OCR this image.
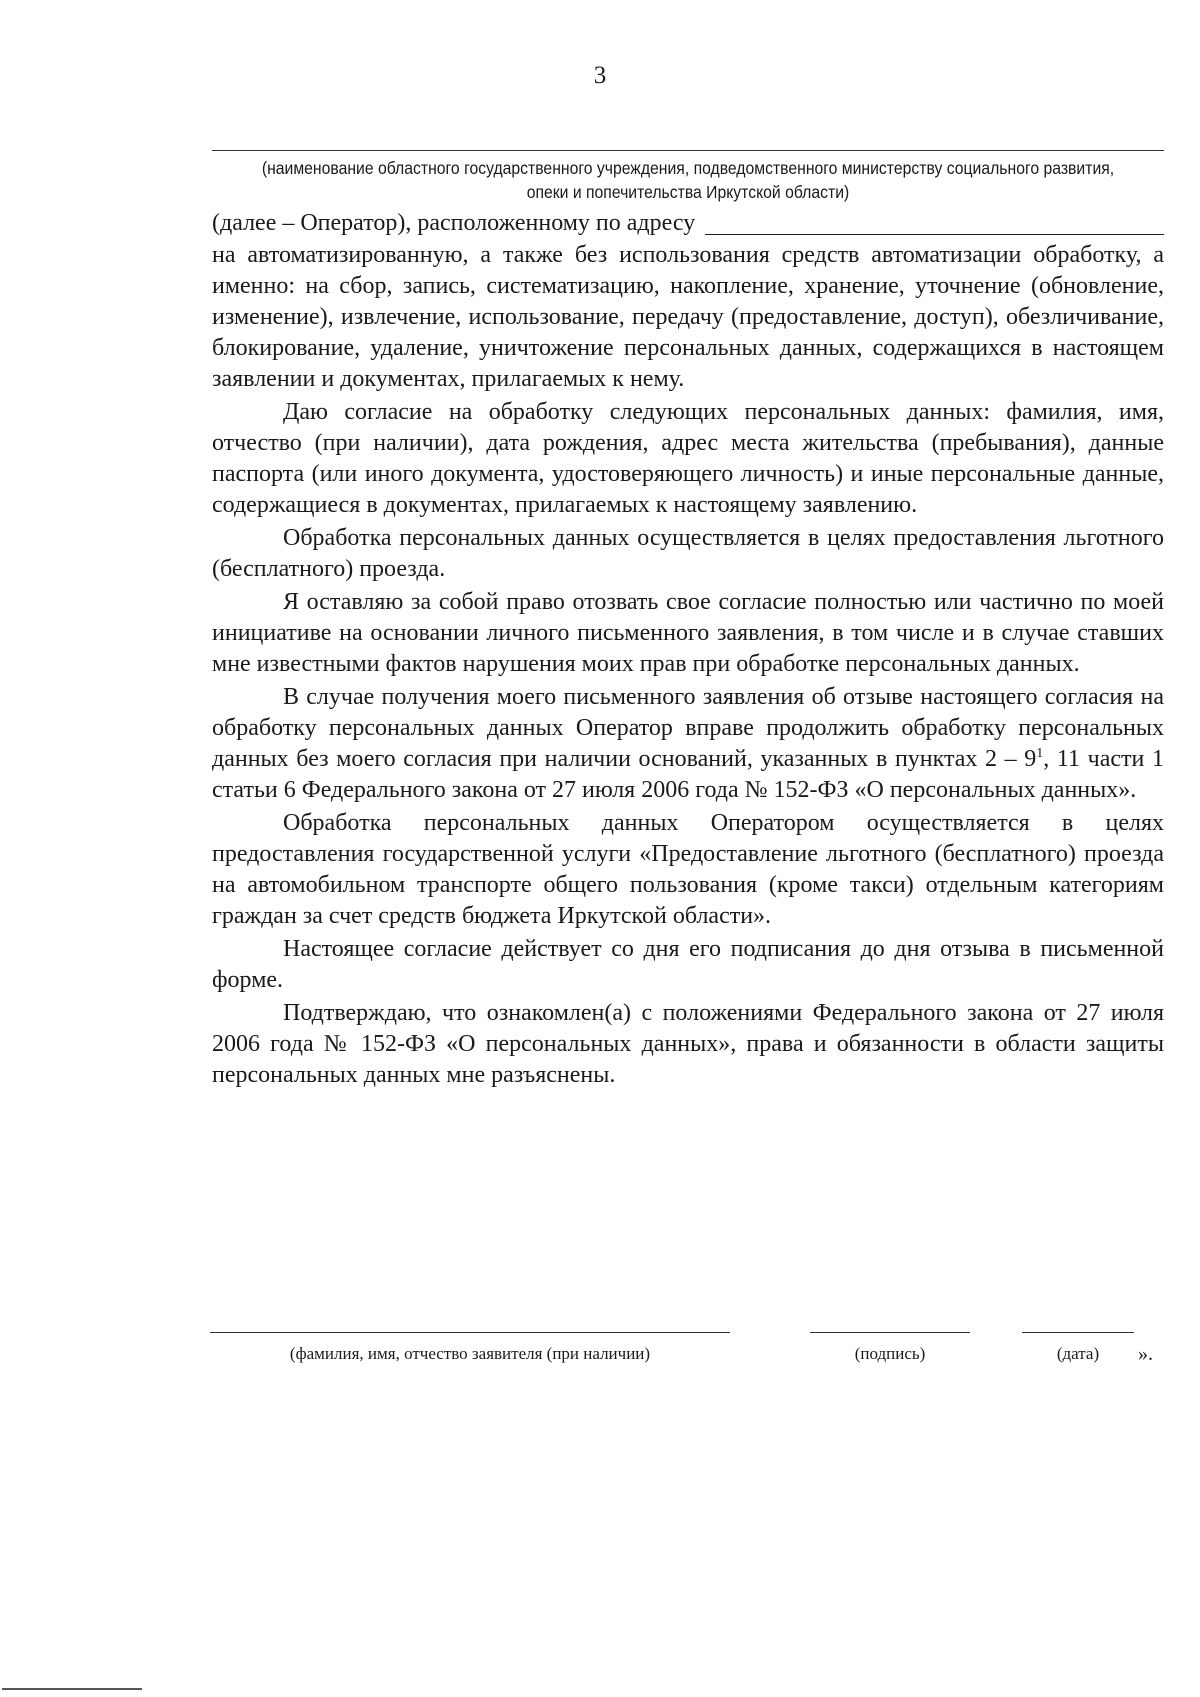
3
(наименование областного государственного учреждения, подведомственного министерству социального развития, опеки и попечительства Иркутской области)
(далее – Оператор), расположенному по адресу

на автоматизированную, а также без использования средств автоматизации обработку, а именно: на сбор, запись, систематизацию, накопление, хранение, уточнение (обновление, изменение), извлечение, использование, передачу (предоставление, доступ), обезличивание, блокирование, удаление, уничтожение персональных данных, содержащихся в настоящем заявлении и документах, прилагаемых к нему.

Даю согласие на обработку следующих персональных данных: фамилия, имя, отчество (при наличии), дата рождения, адрес места жительства (пребывания), данные паспорта (или иного документа, удостоверяющего личность) и иные персональные данные, содержащиеся в документах, прилагаемых к настоящему заявлению.

Обработка персональных данных осуществляется в целях предоставления льготного (бесплатного) проезда.

Я оставляю за собой право отозвать свое согласие полностью или частично по моей инициативе на основании личного письменного заявления, в том числе и в случае ставших мне известными фактов нарушения моих прав при обработке персональных данных.

В случае получения моего письменного заявления об отзыве настоящего согласия на обработку персональных данных Оператор вправе продолжить обработку персональных данных без моего согласия при наличии оснований, указанных в пунктах $2 - 9^1$, 11 части 1 статьи 6 Федерального закона от 27 июля 2006 года № 152-ФЗ «О персональных данных».

Обработка персональных данных Оператором осуществляется в целях предоставления государственной услуги «Предоставление льготного (бесплатного) проезда на автомобильном транспорте общего пользования (кроме такси) отдельным категориям граждан за счет средств бюджета Иркутской области».

Настоящее согласие действует со дня его подписания до дня отзыва в письменной форме.

Подтверждаю, что ознакомлен(а) с положениями Федерального закона от 27 июля 2006 года № 152-ФЗ «О персональных данных», права и обязанности в области защиты персональных данных мне разъяснены.

(фамилия, имя, отчество заявителя (при наличии)	(подпись)	(дата)	».
